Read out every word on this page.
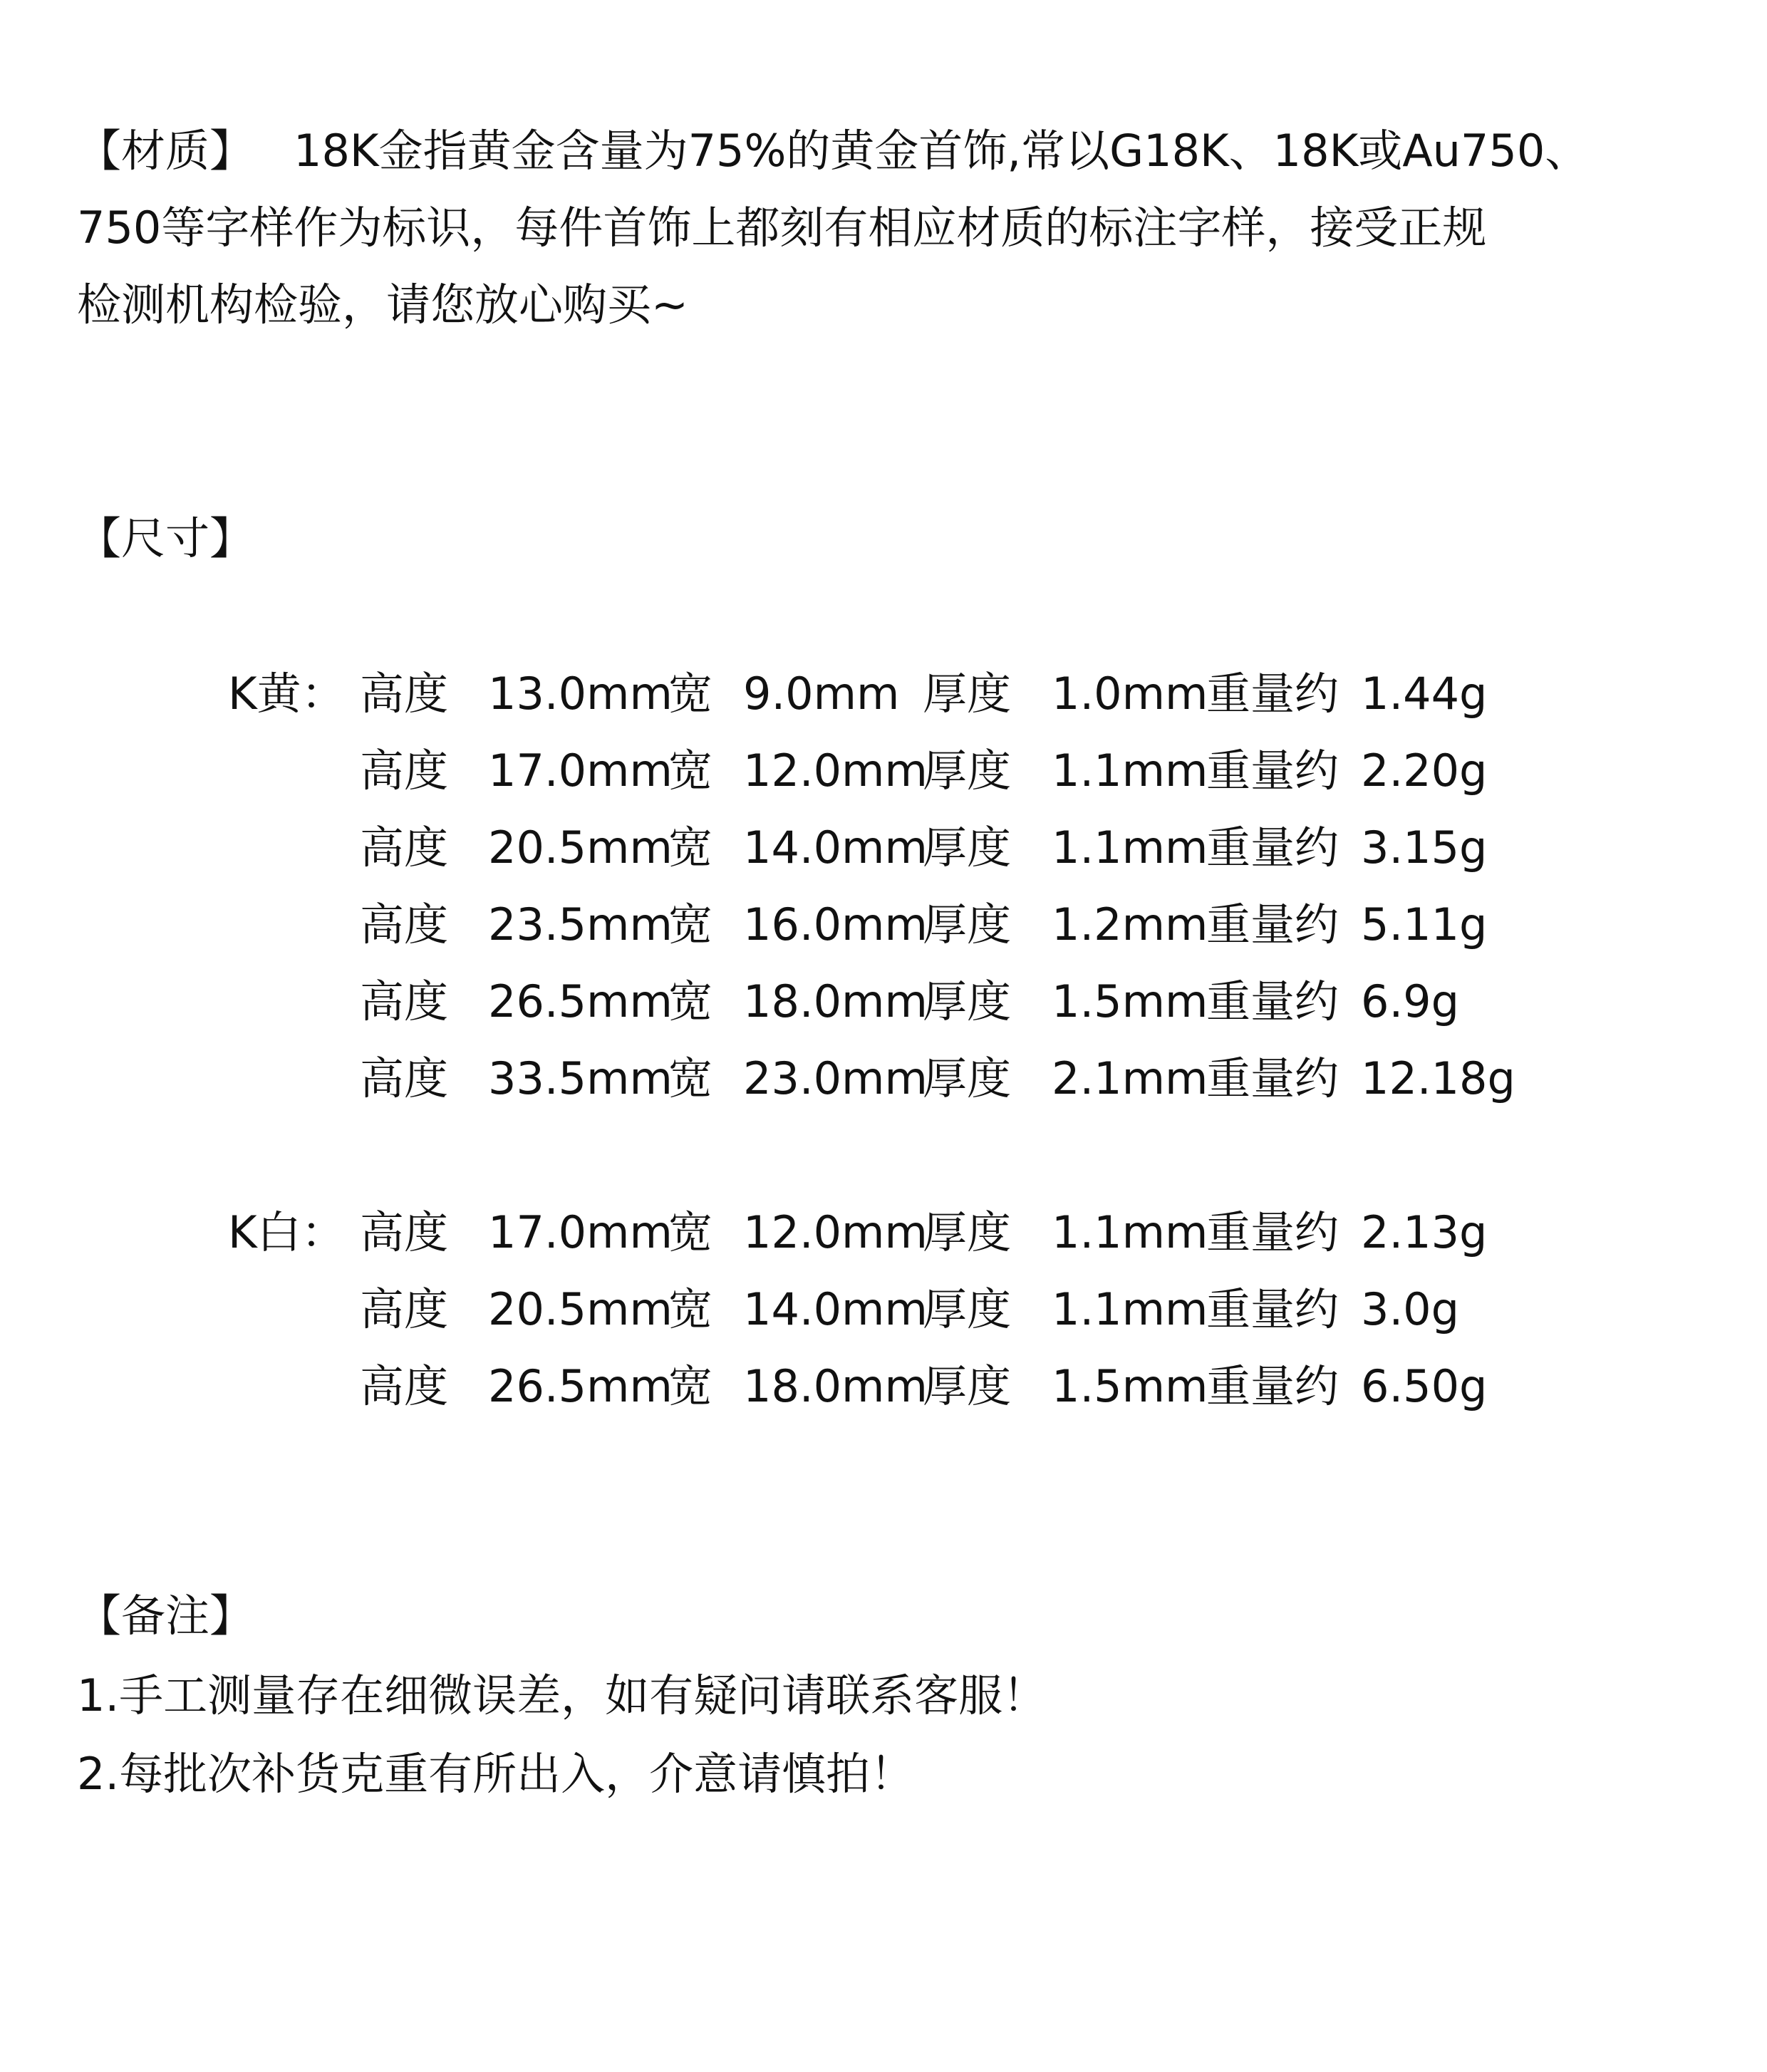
【材质】 18K金指黄金含量为75%的黄金首饰,常以G18K、18K或Au750、
750等字样作为标识，每件首饰上都刻有相应材质的标注字样，接受正规
检测机构检验，请您放心购买~
【尺寸】
K黄： 高度 13.0mm
宽 9.0mm 厚度 1.0mm
重量约 1.44g
高度 17.0mm
宽 12.0mm
厚度 1.1mm
重量约 2.20g
高度 20.5mm
宽 14.0mm
厚度 1.1mm
重量约 3.15g
高度 23.5mm
宽 16.0mm
厚度 1.2mm
重量约 5.11g
高度 26.5mm
宽 18.0mm
厚度 1.5mm
重量约 6.9g
高度 33.5mm
宽 23.0mm
厚度 2.1mm
重量约 12.18g
K白： 高度 17.0mm
宽 12.0mm
厚度 1.1mm
重量约 2.13g
高度 20.5mm
宽 14.0mm
厚度 1.1mm
重量约 3.0g
高度 26.5mm
宽 18.0mm
厚度 1.5mm
重量约 6.50g
【备注】
1.手工测量存在细微误差，如有疑问请联系客服！
2.每批次补货克重有所出入，介意请慎拍！
